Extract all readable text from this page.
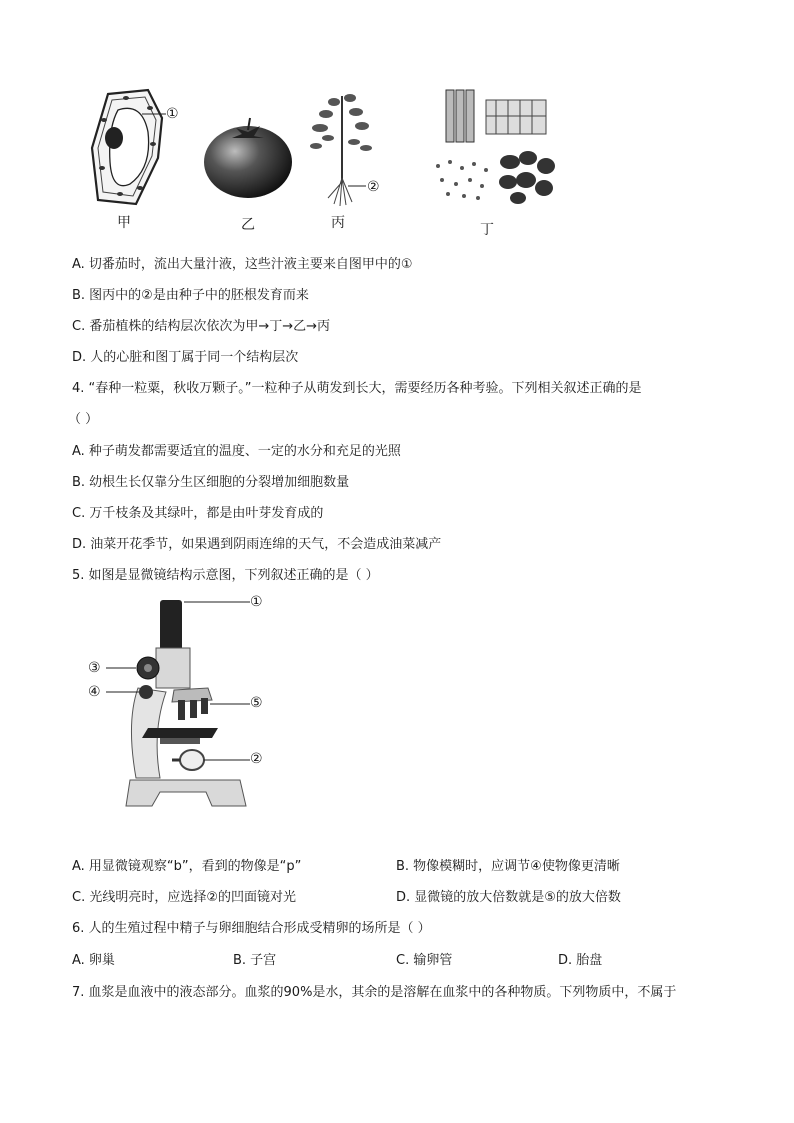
①
甲	乙
②
丙	丁
A. 切番茄时，流出大量汁液，这些汁液主要来自图甲中的①
B. 图丙中的②是由种子中的胚根发育而来
C. 番茄植株的结构层次依次为甲→丁→乙→丙
D. 人的心脏和图丁属于同一个结构层次
4. “春种一粒粟，秋收万颗子。”一粒种子从萌发到长大，需要经历各种考验。下列相关叙述正确的是
（ ）
A. 种子萌发都需要适宜的温度、一定的水分和充足的光照
B. 幼根生长仅靠分生区细胞的分裂增加细胞数量
C. 万千枝条及其绿叶，都是由叶芽发育成的
D. 油菜开花季节，如果遇到阴雨连绵的天气，不会造成油菜减产
5. 如图是显微镜结构示意图，下列叙述正确的是（ ）
①
②
③
④
⑤
A. 用显微镜观察“b”，看到的物像是“p”	B. 物像模糊时，应调节④使物像更清晰
C. 光线明亮时，应选择②的凹面镜对光	D. 显微镜的放大倍数就是⑤的放大倍数
6. 人的生殖过程中精子与卵细胞结合形成受精卵的场所是（ ）
A. 卵巢	B. 子宫	C. 输卵管	D. 胎盘
7. 血浆是血液中的液态部分。血浆的90%是水，其余的是溶解在血浆中的各种物质。下列物质中，不属于
